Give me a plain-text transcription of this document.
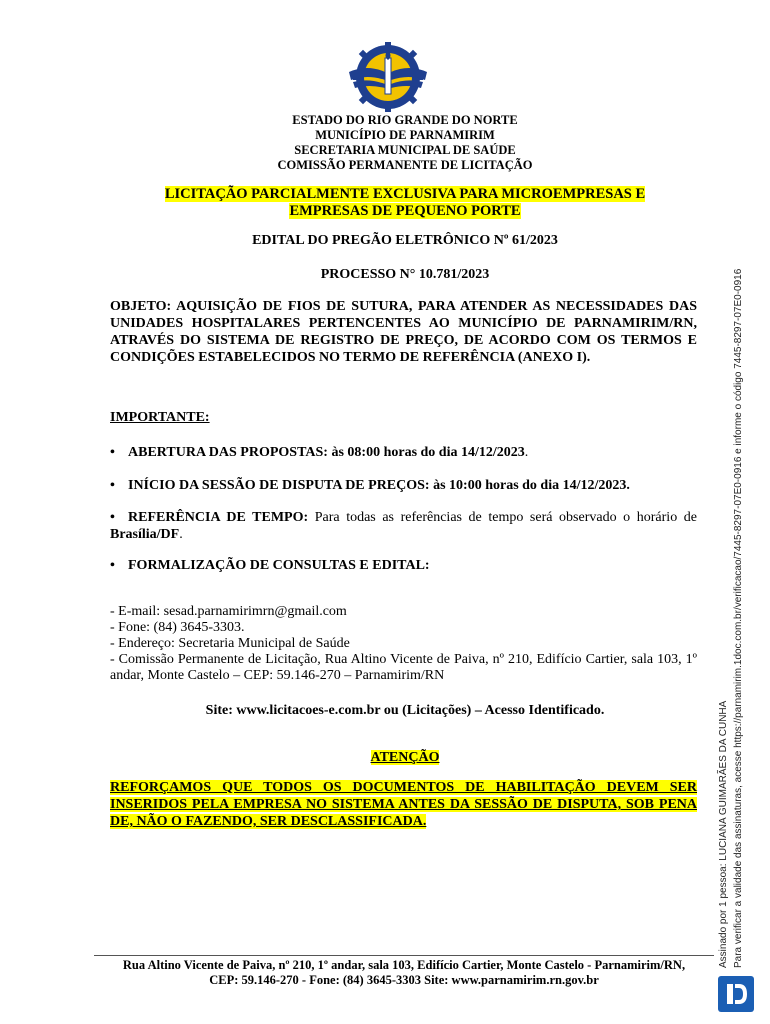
ESTADO DO RIO GRANDE DO NORTE
MUNICÍPIO DE PARNAMIRIM
SECRETARIA MUNICIPAL DE SAÚDE
COMISSÃO PERMANENTE DE LICITAÇÃO
LICITAÇÃO PARCIALMENTE EXCLUSIVA PARA MICROEMPRESAS E
EMPRESAS DE PEQUENO PORTE
EDITAL DO PREGÃO ELETRÔNICO Nº 61/2023
PROCESSO N° 10.781/2023
OBJETO: AQUISIÇÃO DE FIOS DE SUTURA, PARA ATENDER AS NECESSIDADES DAS UNIDADES HOSPITALARES PERTENCENTES AO MUNICÍPIO DE PARNAMIRIM/RN, ATRAVÉS DO SISTEMA DE REGISTRO DE PREÇO, DE ACORDO COM OS TERMOS E CONDIÇÕES ESTABELECIDOS NO TERMO DE REFERÊNCIA (ANEXO I).
IMPORTANTE:
• ABERTURA DAS PROPOSTAS: às 08:00 horas do dia 14/12/2023.
• INÍCIO DA SESSÃO DE DISPUTA DE PREÇOS: às 10:00 horas do dia 14/12/2023.
• REFERÊNCIA DE TEMPO: Para todas as referências de tempo será observado o horário de Brasília/DF.
• FORMALIZAÇÃO DE CONSULTAS E EDITAL:
- E-mail: sesad.parnamirimrn@gmail.com
- Fone: (84) 3645-3303.
- Endereço: Secretaria Municipal de Saúde
- Comissão Permanente de Licitação, Rua Altino Vicente de Paiva, nº 210, Edifício Cartier, sala 103, 1º andar, Monte Castelo – CEP: 59.146-270 – Parnamirim/RN
Site: www.licitacoes-e.com.br ou (Licitações) – Acesso Identificado.
ATENÇÃO
REFORÇAMOS QUE TODOS OS DOCUMENTOS DE HABILITAÇÃO DEVEM SER INSERIDOS PELA EMPRESA NO SISTEMA ANTES DA SESSÃO DE DISPUTA, SOB PENA DE, NÃO O FAZENDO, SER DESCLASSIFICADA.
Rua Altino Vicente de Paiva, nº 210, 1º andar, sala 103, Edifício Cartier, Monte Castelo - Parnamirim/RN,
CEP: 59.146-270 - Fone: (84) 3645-3303 Site: www.parnamirim.rn.gov.br
Assinado por 1 pessoa: LUCIANA GUIMARÃES DA CUNHA Para verificar a validade das assinaturas, acesse https://parnamirim.1doc.com.br/verificacao/7445-8297-07E0-0916 e informe o código 7445-8297-07E0-0916
